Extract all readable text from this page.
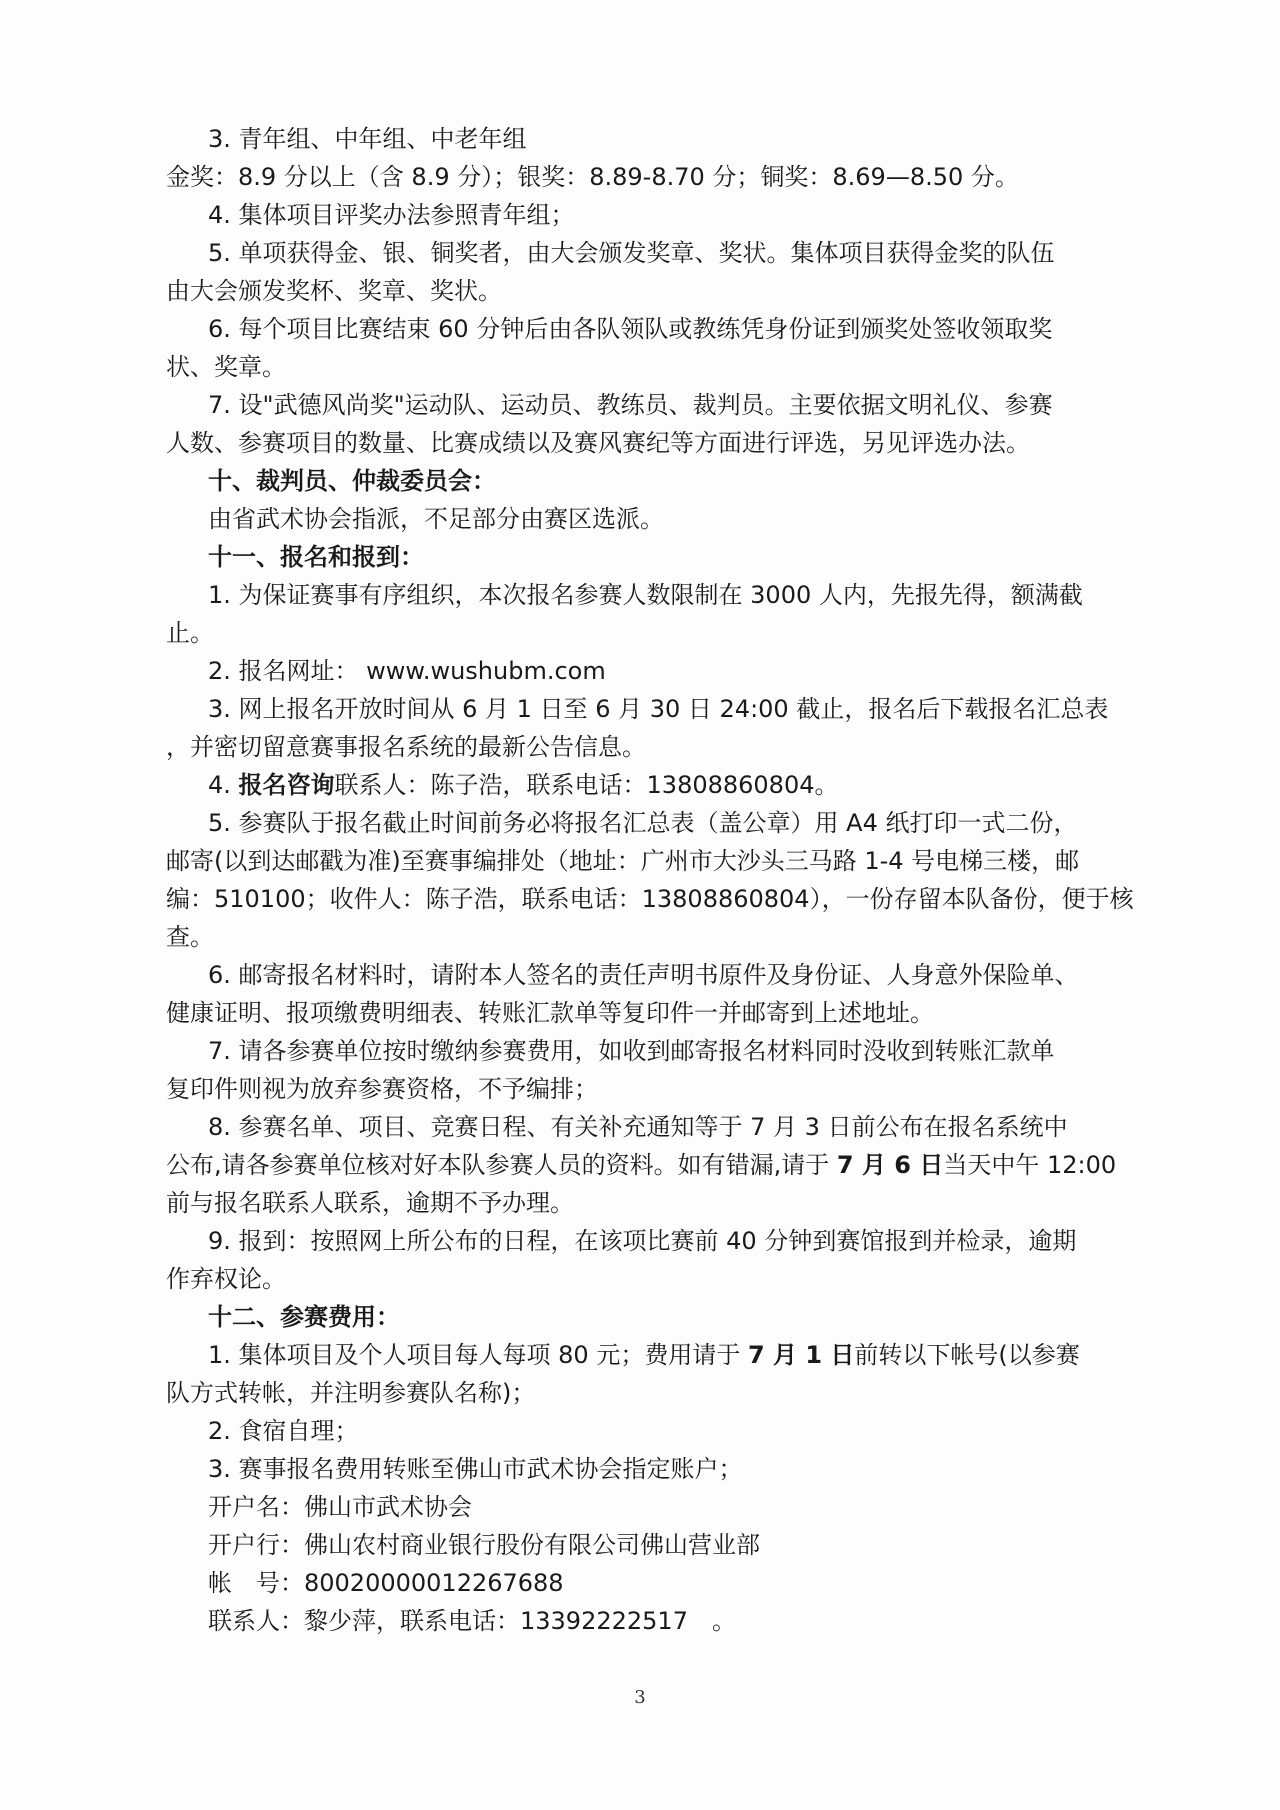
3. 青年组、中年组、中老年组
金奖：8.9 分以上（含 8.9 分）；银奖：8.89-8.70 分；铜奖：8.69—8.50 分。
4. 集体项目评奖办法参照青年组；
5. 单项获得金、银、铜奖者，由大会颁发奖章、奖状。集体项目获得金奖的队伍
由大会颁发奖杯、奖章、奖状。
6. 每个项目比赛结束 60 分钟后由各队领队或教练凭身份证到颁奖处签收领取奖
状、奖章。
7. 设"武德风尚奖"运动队、运动员、教练员、裁判员。主要依据文明礼仪、参赛
人数、参赛项目的数量、比赛成绩以及赛风赛纪等方面进行评选，另见评选办法。
十、裁判员、仲裁委员会：
由省武术协会指派，不足部分由赛区选派。
十一、报名和报到：
1. 为保证赛事有序组织，本次报名参赛人数限制在 3000 人内，先报先得，额满截
止。
2. 报名网址： www.wushubm.com
3. 网上报名开放时间从 6 月 1 日至 6 月 30 日 24:00 截止，报名后下载报名汇总表
，并密切留意赛事报名系统的最新公告信息。
4. 报名咨询联系人：陈子浩，联系电话：13808860804。
5. 参赛队于报名截止时间前务必将报名汇总表（盖公章）用 A4 纸打印一式二份，
邮寄(以到达邮戳为准)至赛事编排处（地址：广州市大沙头三马路 1-4 号电梯三楼，邮
编：510100；收件人：陈子浩，联系电话：13808860804），一份存留本队备份，便于核
查。
6. 邮寄报名材料时，请附本人签名的责任声明书原件及身份证、人身意外保险单、
健康证明、报项缴费明细表、转账汇款单等复印件一并邮寄到上述地址。
7. 请各参赛单位按时缴纳参赛费用，如收到邮寄报名材料同时没收到转账汇款单
复印件则视为放弃参赛资格，不予编排；
8. 参赛名单、项目、竞赛日程、有关补充通知等于 7 月 3 日前公布在报名系统中
公布,请各参赛单位核对好本队参赛人员的资料。如有错漏,请于 7 月 6 日当天中午 12:00
前与报名联系人联系，逾期不予办理。
9. 报到：按照网上所公布的日程，在该项比赛前 40 分钟到赛馆报到并检录，逾期
作弃权论。
十二、参赛费用：
1. 集体项目及个人项目每人每项 80 元；费用请于 7 月 1 日前转以下帐号(以参赛
队方式转帐，并注明参赛队名称)；
2. 食宿自理；
3. 赛事报名费用转账至佛山市武术协会指定账户；
开户名：佛山市武术协会
开户行：佛山农村商业银行股份有限公司佛山营业部
帐　号：80020000012267688
联系人：黎少萍，联系电话：13392222517　。
3
